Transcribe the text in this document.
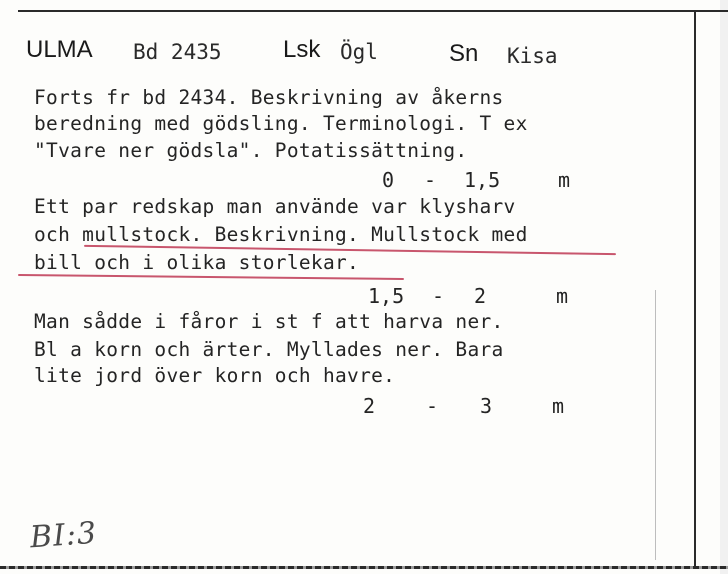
ULMA Bd 2435	Lsk Ögl	Sn Kisa
Forts fr bd 2434. Beskrivning av åkerns
beredning med gödsling. Terminologi. T ex
"Tvare ner gödsla". Potatissättning.
0 - 1,5	m
Ett par redskap man använde var klysharv
och mullstock. Beskrivning. Mullstock med
bill och i olika storlekar.
1,5 - 2	m
Man sådde i fåror i st f att harva ner.
Bl a korn och ärter. Myllades ner. Bara
lite jord över korn och havre.
2	- 3	m
BI:3
